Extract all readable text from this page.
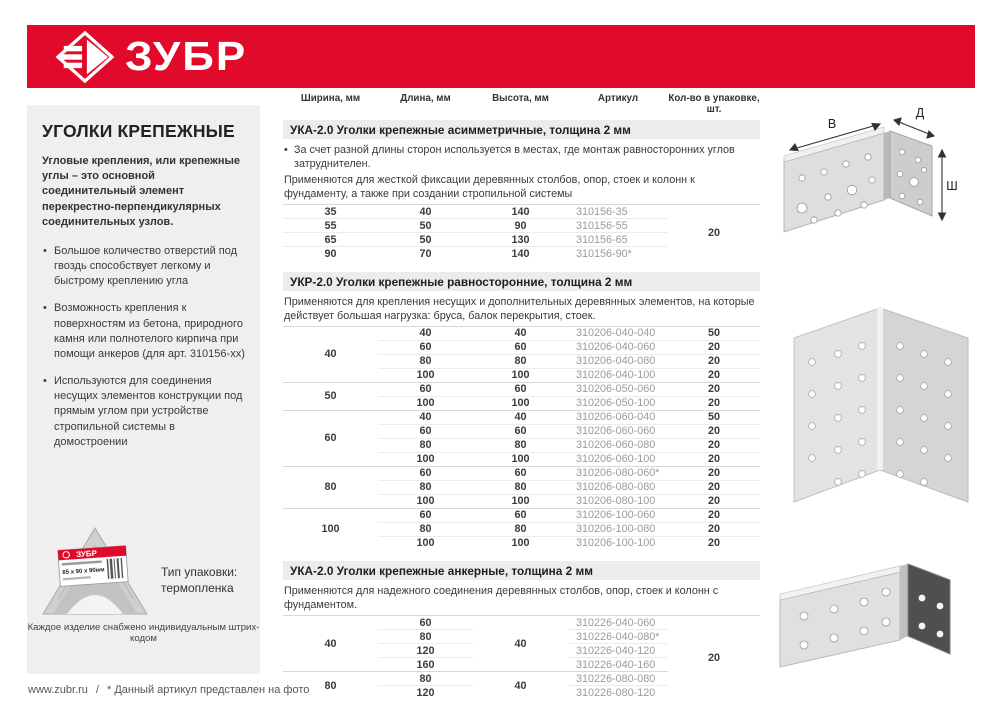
ЗУБР
УГОЛКИ КРЕПЕЖНЫЕ

Угловые крепления, или крепежные углы – это основной соединительный элемент перекрестно-перпендикулярных соединительных узлов.

• Большое количество отверстий под гвоздь способствует легкому и быстрому креплению угла
• Возможность крепления к поверхностям из бетона, природного камня или полнотелого кирпича при помощи анкеров (для арт. 310156-хх)
• Используются для соединения несущих элементов конструкции под прямым углом при устройстве стропильной системы в домостроении
ЗУБР
65 х 90 х 90мм	Тип упаковки:
термопленка
Каждое изделие снабжено индивидуальным штрих-кодом
www.zubr.ru / * Данный артикул представлен на фото
Ширина, мм	Длина, мм	Высота, мм	Артикул	Кол-во в упаковке, шт.
УКА-2.0 Уголки крепежные асимметричные, толщина 2 мм
• За счет разной длины сторон используется в местах, где монтаж равносторонних углов затруднителен.
Применяются для жесткой фиксации деревянных столбов, опор, стоек и колонн к фундаменту, а также при создании стропильной системы
35	40	140	310156-35	20
55	50	90	310156-55	
65	50	130	310156-65	
90	70	140	310156-90*	
УКР-2.0 Уголки крепежные равносторонние, толщина 2 мм
Применяются для крепления несущих и дополнительных деревянных элементов, на которые действует большая нагрузка: бруса, балок перекрытия, стоек.
40	40	40	310206-040-040	50
	60	60	310206-040-060	20
	80	80	310206-040-080	20
	100	100	310206-040-100	20
50	60	60	310206-050-060	20
	100	100	310206-050-100	20
60	40	40	310206-060-040	50
	60	60	310206-060-060	20
	80	80	310206-060-080	20
	100	100	310206-060-100	20
80	60	60	310206-080-060*	20
	80	80	310206-080-080	20
	100	100	310206-080-100	20
100	60	60	310206-100-060	20
	80	80	310206-100-080	20
	100	100	310206-100-100	20
УКА-2.0 Уголки крепежные анкерные, толщина 2 мм
Применяются для надежного соединения деревянных столбов, опор, стоек и колонн с фундаментом.
40	60	40	310226-040-060	20
	80		310226-040-080*	
	120		310226-040-120	
	160		310226-040-160	
80	80	40	310226-080-080	
	120		310226-080-120	
В
Д
Ш
